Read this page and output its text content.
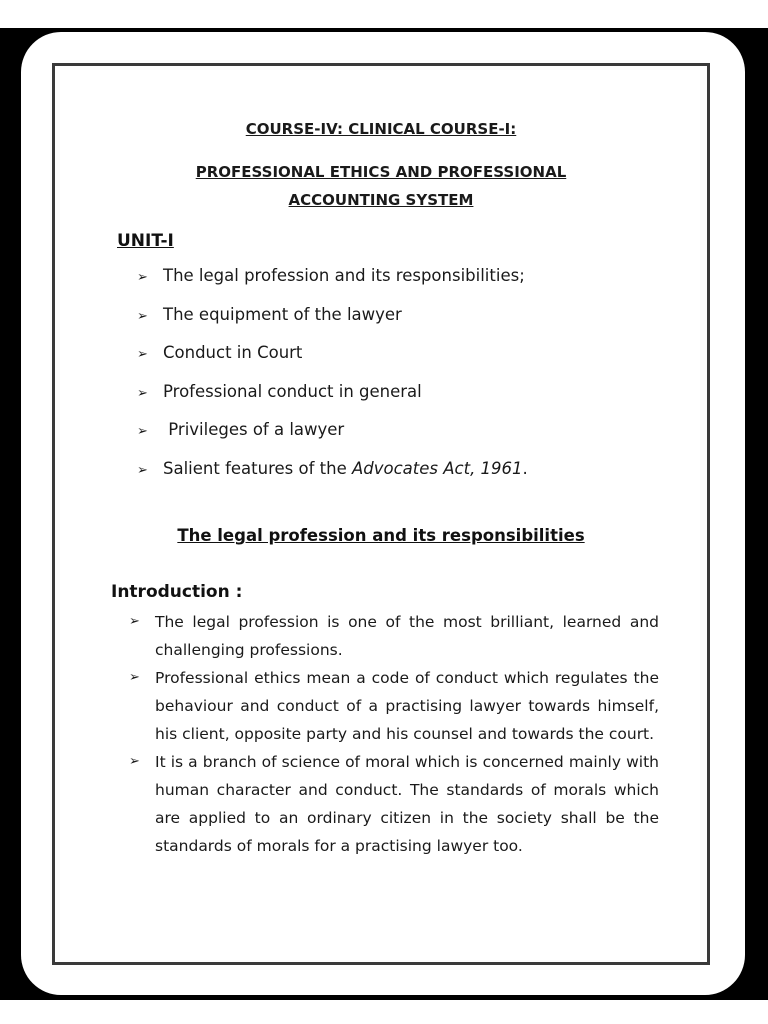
COURSE-IV: CLINICAL COURSE-I:

PROFESSIONAL ETHICS AND PROFESSIONAL

ACCOUNTING SYSTEM

UNIT-I
➢ The legal profession and its responsibilities;
➢ The equipment of the lawyer
➢ Conduct in Court
➢ Professional conduct in general
➢ Privileges of a lawyer
➢ Salient features of the Advocates Act, 1961.
The legal profession and its responsibilities
Introduction :
➢ The legal profession is one of the most brilliant, learned and challenging professions.
➢ Professional ethics mean a code of conduct which regulates the behaviour and conduct of a practising lawyer towards himself, his client, opposite party and his counsel and towards the court.
➢ It is a branch of science of moral which is concerned mainly with human character and conduct. The standards of morals which are applied to an ordinary citizen in the society shall be the standards of morals for a practising lawyer too.
